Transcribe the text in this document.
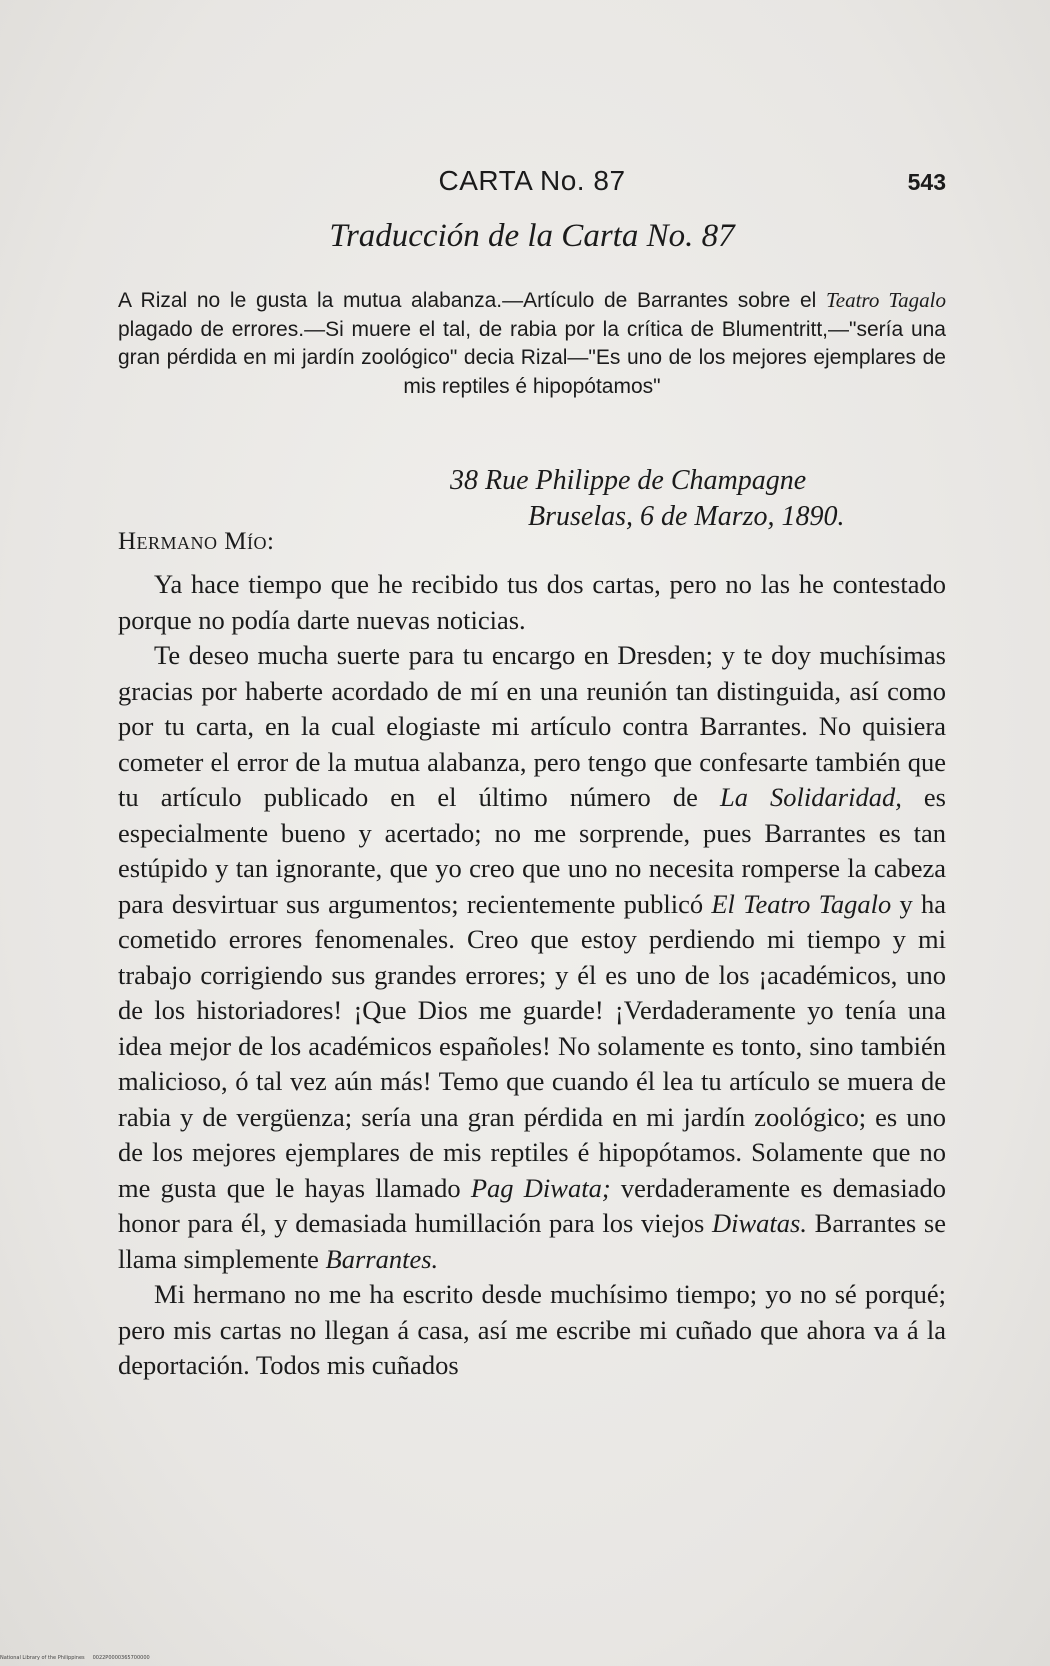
CARTA No. 87	543
Traducción de la Carta No. 87
A Rizal no le gusta la mutua alabanza.—Artículo de Barrantes sobre el Teatro Tagalo plagado de errores.—Si muere el tal, de rabia por la crítica de Blumentritt,—"sería una gran pérdida en mi jardín zoológico" decia Rizal—"Es uno de los mejores ejemplares de mis reptiles é hipopótamos"
38 Rue Philippe de Champagne
Bruselas, 6 de Marzo, 1890.
Hermano Mío:

Ya hace tiempo que he recibido tus dos cartas, pero no las he contestado porque no podía darte nuevas noticias.

Te deseo mucha suerte para tu encargo en Dresden; y te doy muchísimas gracias por haberte acordado de mí en una reunión tan distinguida, así como por tu carta, en la cual elogiaste mi artículo contra Barrantes. No quisiera cometer el error de la mutua alabanza, pero tengo que confesarte también que tu artículo publicado en el último número de La Solidaridad, es especialmente bueno y acertado; no me sorprende, pues Barrantes es tan estúpido y tan ignorante, que yo creo que uno no necesita romperse la cabeza para desvirtuar sus argumentos; recientemente publicó El Teatro Tagalo y ha cometido errores fenomenales. Creo que estoy perdiendo mi tiempo y mi trabajo corrigiendo sus grandes errores; y él es uno de los ¡académicos, uno de los historiadores! ¡Que Dios me guarde! ¡Verdaderamente yo tenía una idea mejor de los académicos españoles! No solamente es tonto, sino también malicioso, ó tal vez aún más! Temo que cuando él lea tu artículo se muera de rabia y de vergüenza; sería una gran pérdida en mi jardín zoológico; es uno de los mejores ejemplares de mis reptiles é hipopótamos. Solamente que no me gusta que le hayas llamado Pag Diwata; verdaderamente es demasiado honor para él, y demasiada humillación para los viejos Diwatas. Barrantes se llama simplemente Barrantes.

Mi hermano no me ha escrito desde muchísimo tiempo; yo no sé porqué; pero mis cartas no llegan á casa, así me escribe mi cuñado que ahora va á la deportación. Todos mis cuñados

National Library of the Philippines     0022P0000365700000
